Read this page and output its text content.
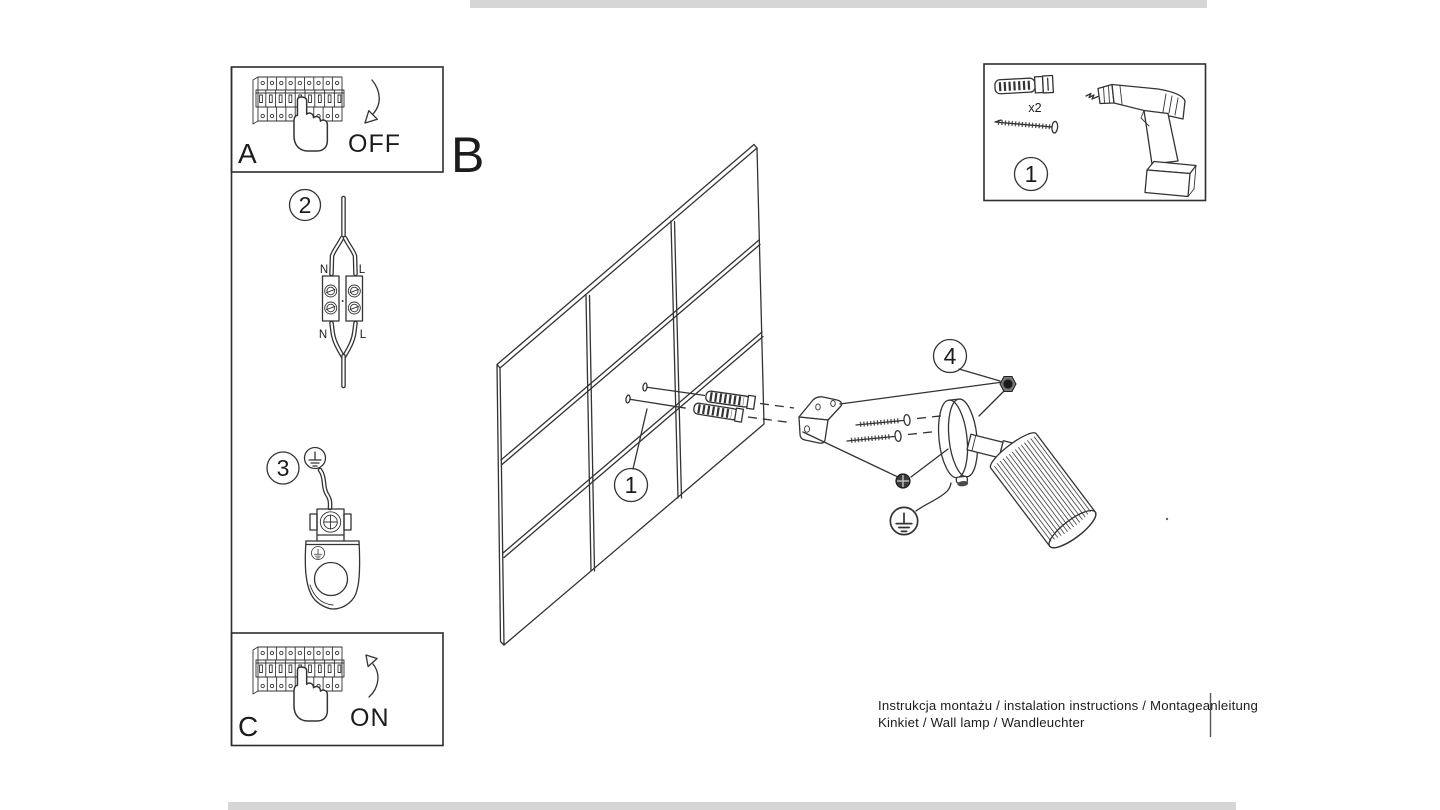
A	OFF B
2
N	L
N	L
3
C	ON
1
4
x2
1
Instrukcja montażu / instalation instructions / Montageanleitung
Kinkiet / Wall lamp / Wandleuchter
